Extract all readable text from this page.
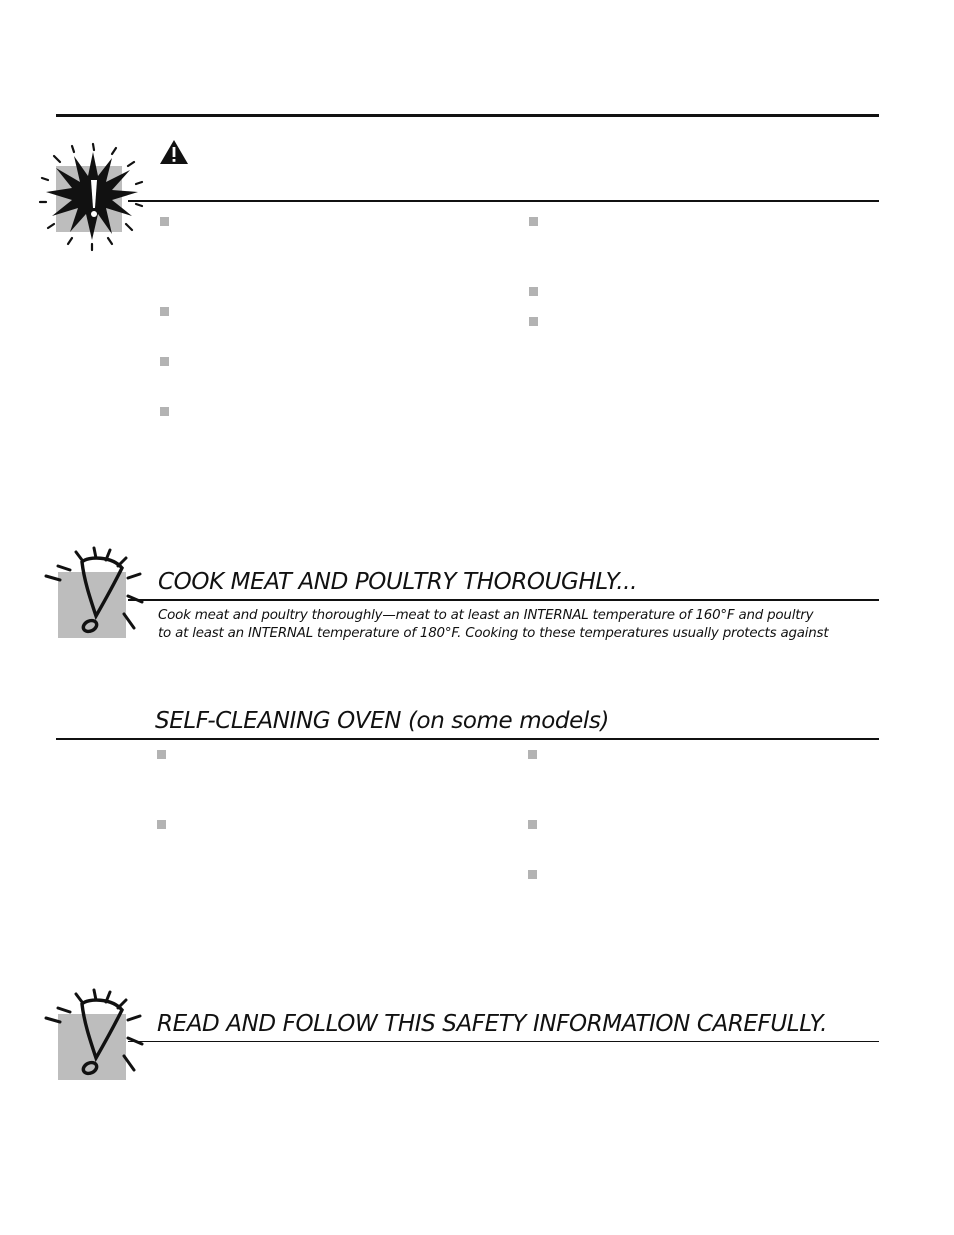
COOK MEAT AND POULTRY THOROUGHLY...
Cook meat and poultry thoroughly—meat to at least an INTERNAL temperature of 160°F and poultry
to at least an INTERNAL temperature of 180°F. Cooking to these temperatures usually protects against
SELF-CLEANING OVEN (on some models)
READ AND FOLLOW THIS SAFETY INFORMATION CAREFULLY.
